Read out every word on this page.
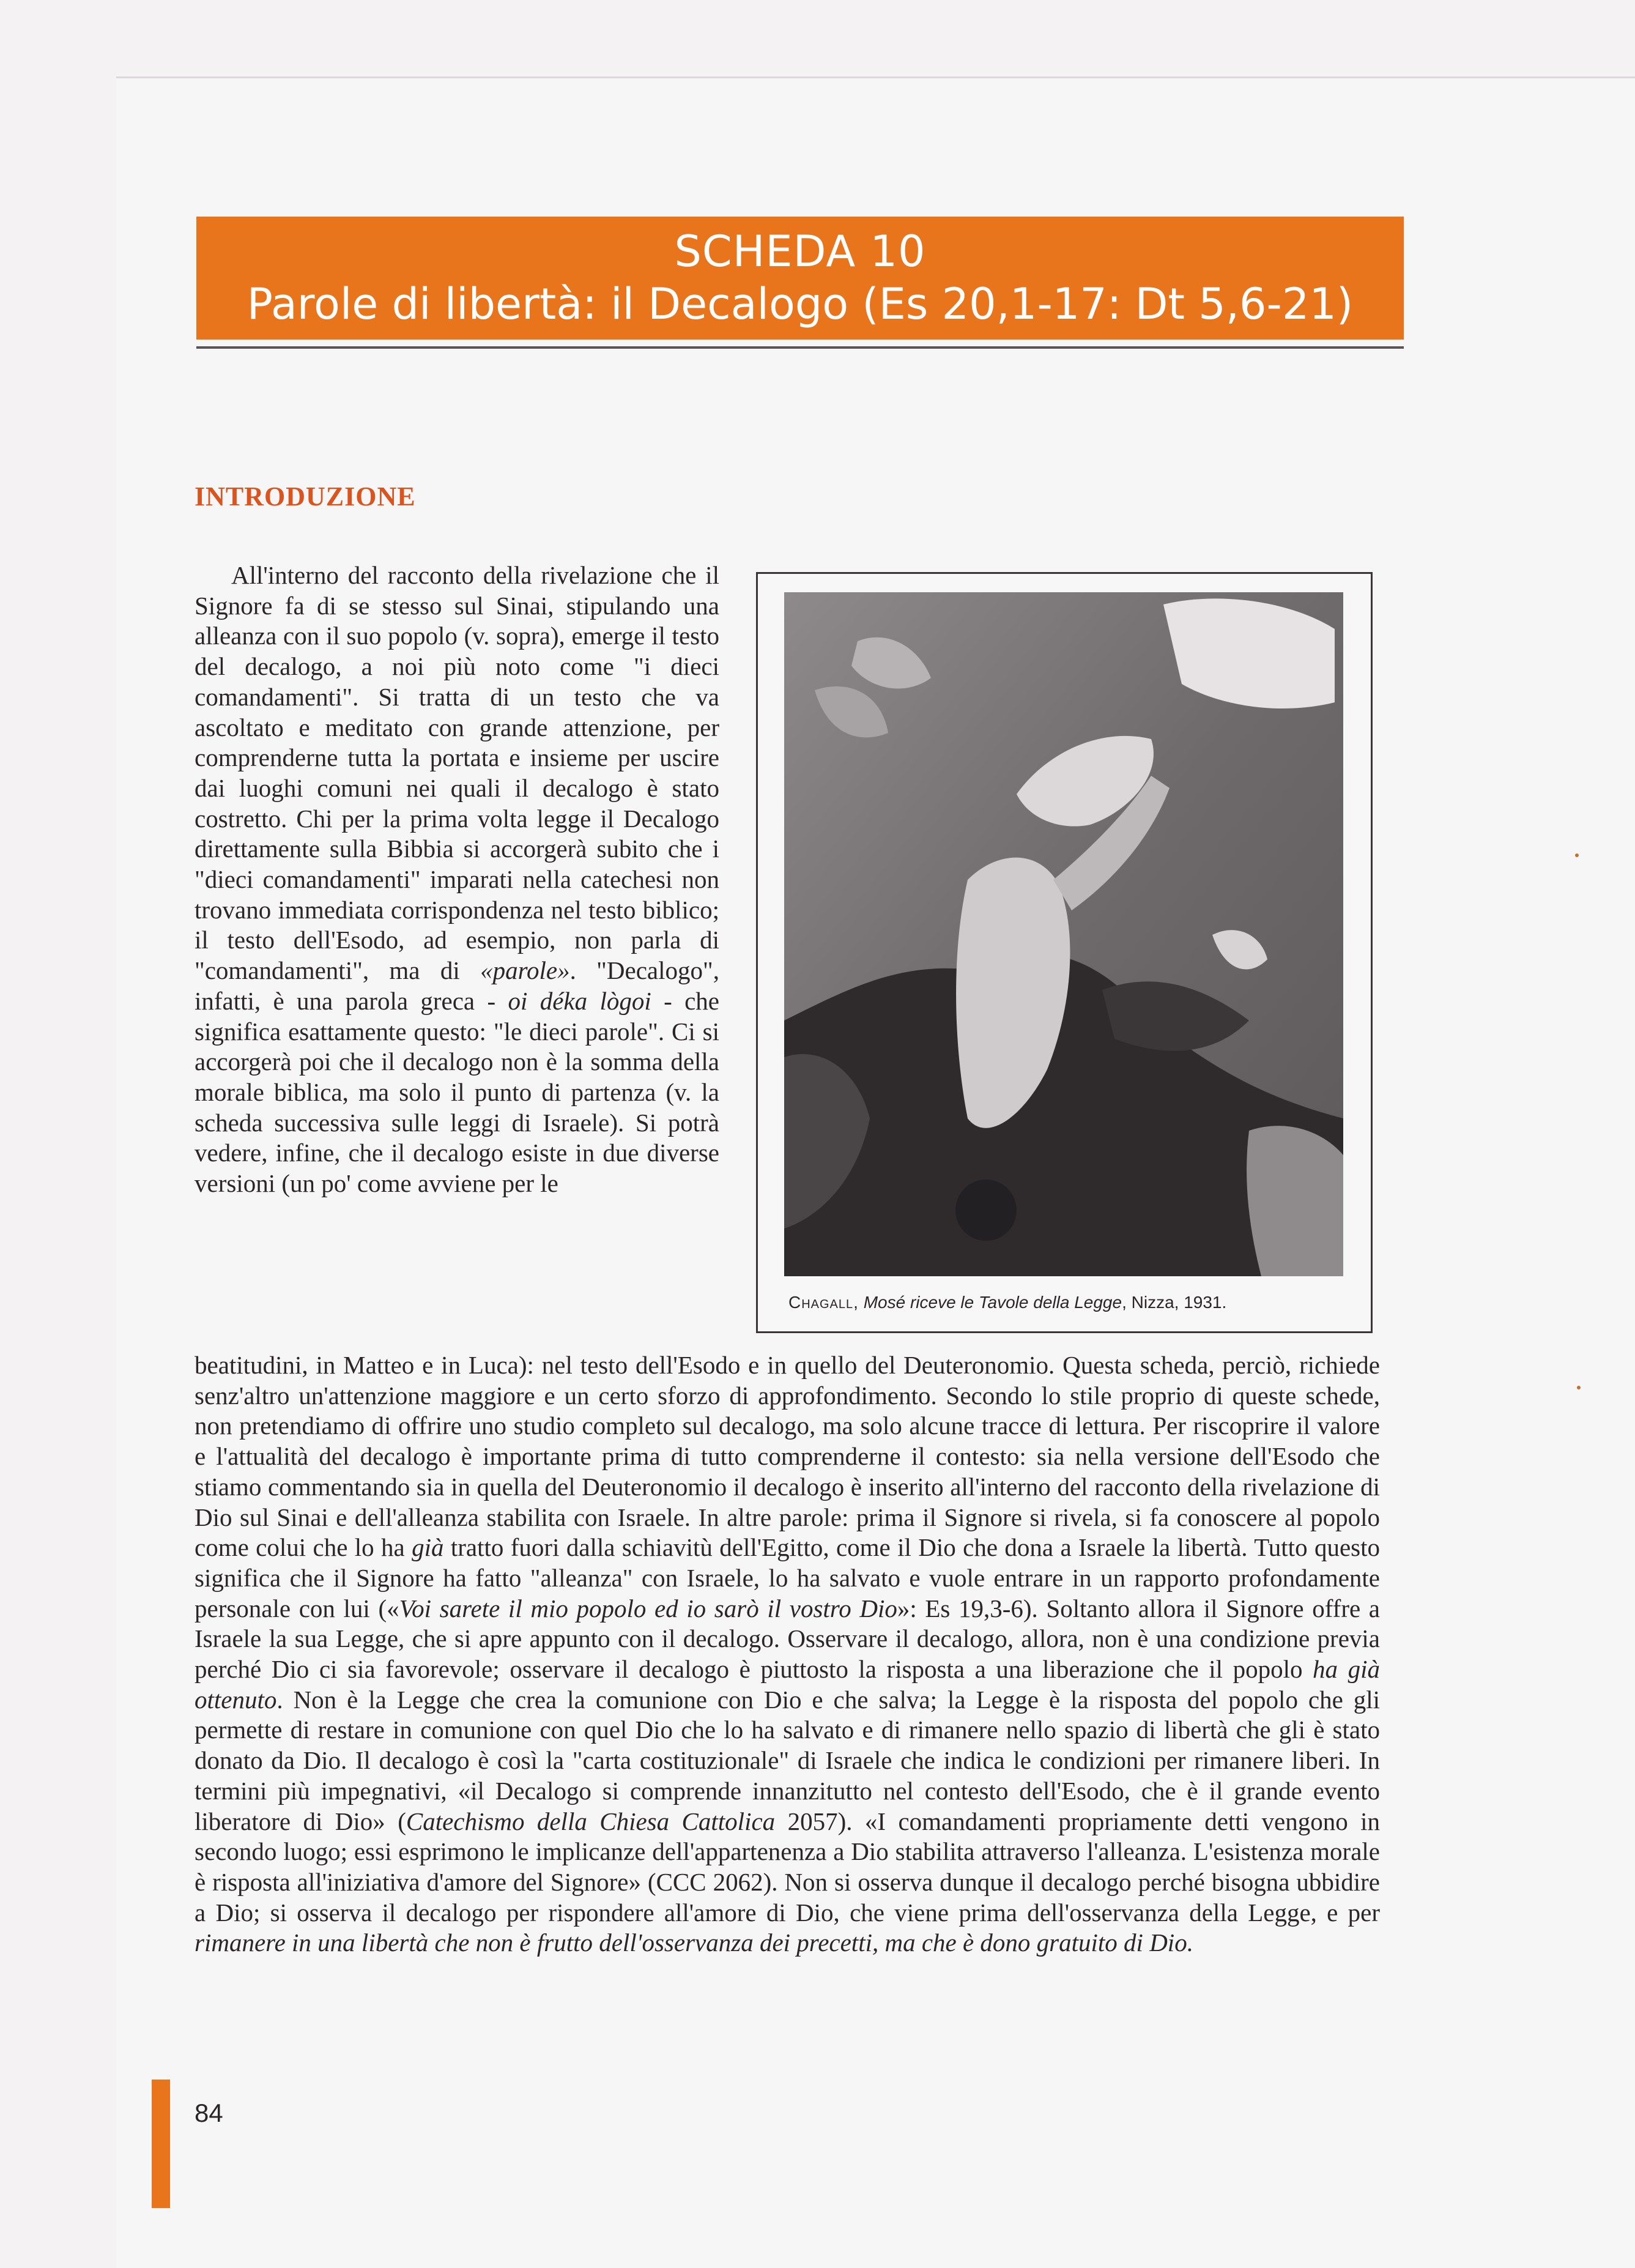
SCHEDA 10
Parole di libertà: il Decalogo (Es 20,1-17: Dt 5,6-21)
INTRODUZIONE
All'interno del racconto della rivelazione che il Signore fa di se stesso sul Sinai, stipulando una alleanza con il suo popolo (v. sopra), emerge il testo del decalogo, a noi più noto come "i dieci comandamenti". Si tratta di un testo che va ascoltato e meditato con grande attenzione, per comprenderne tutta la portata e insieme per uscire dai luoghi comuni nei quali il decalogo è stato costretto. Chi per la prima volta legge il Decalogo direttamente sulla Bibbia si accorgerà subito che i "dieci comandamenti" imparati nella catechesi non trovano immediata corrispondenza nel testo biblico; il testo dell'Esodo, ad esempio, non parla di "comandamenti", ma di «parole». "Decalogo", infatti, è una parola greca - oi déka lògoi - che significa esattamente questo: "le dieci parole". Ci si accorgerà poi che il decalogo non è la somma della morale biblica, ma solo il punto di partenza (v. la scheda successiva sulle leggi di Israele). Si potrà vedere, infine, che il decalogo esiste in due diverse versioni (un po' come avviene per le
Chagall, Mosé riceve le Tavole della Legge, Nizza, 1931.
beatitudini, in Matteo e in Luca): nel testo dell'Esodo e in quello del Deuteronomio. Questa scheda, perciò, richiede senz'altro un'attenzione maggiore e un certo sforzo di approfondimento. Secondo lo stile proprio di queste schede, non pretendiamo di offrire uno studio completo sul decalogo, ma solo alcune tracce di lettura. Per riscoprire il valore e l'attualità del decalogo è importante prima di tutto comprenderne il contesto: sia nella versione dell'Esodo che stiamo commentando sia in quella del Deuteronomio il decalogo è inserito all'interno del racconto della rivelazione di Dio sul Sinai e dell'alleanza stabilita con Israele. In altre parole: prima il Signore si rivela, si fa conoscere al popolo come colui che lo ha già tratto fuori dalla schiavitù dell'Egitto, come il Dio che dona a Israele la libertà. Tutto questo significa che il Signore ha fatto "alleanza" con Israele, lo ha salvato e vuole entrare in un rapporto profondamente personale con lui («Voi sarete il mio popolo ed io sarò il vostro Dio»: Es 19,3-6). Soltanto allora il Signore offre a Israele la sua Legge, che si apre appunto con il decalogo. Osservare il decalogo, allora, non è una condizione previa perché Dio ci sia favorevole; osservare il decalogo è piuttosto la risposta a una liberazione che il popolo ha già ottenuto. Non è la Legge che crea la comunione con Dio e che salva; la Legge è la risposta del popolo che gli permette di restare in comunione con quel Dio che lo ha salvato e di rimanere nello spazio di libertà che gli è stato donato da Dio. Il decalogo è così la "carta costituzionale" di Israele che indica le condizioni per rimanere liberi. In termini più impegnativi, «il Decalogo si comprende innanzitutto nel contesto dell'Esodo, che è il grande evento liberatore di Dio» (Catechismo della Chiesa Cattolica 2057). «I comandamenti propriamente detti vengono in secondo luogo; essi esprimono le implicanze dell'appartenenza a Dio stabilita attraverso l'alleanza. L'esistenza morale è risposta all'iniziativa d'amore del Signore» (CCC 2062). Non si osserva dunque il decalogo perché bisogna ubbidire a Dio; si osserva il decalogo per rispondere all'amore di Dio, che viene prima dell'osservanza della Legge, e per rimanere in una libertà che non è frutto dell'osservanza dei precetti, ma che è dono gratuito di Dio.
84
